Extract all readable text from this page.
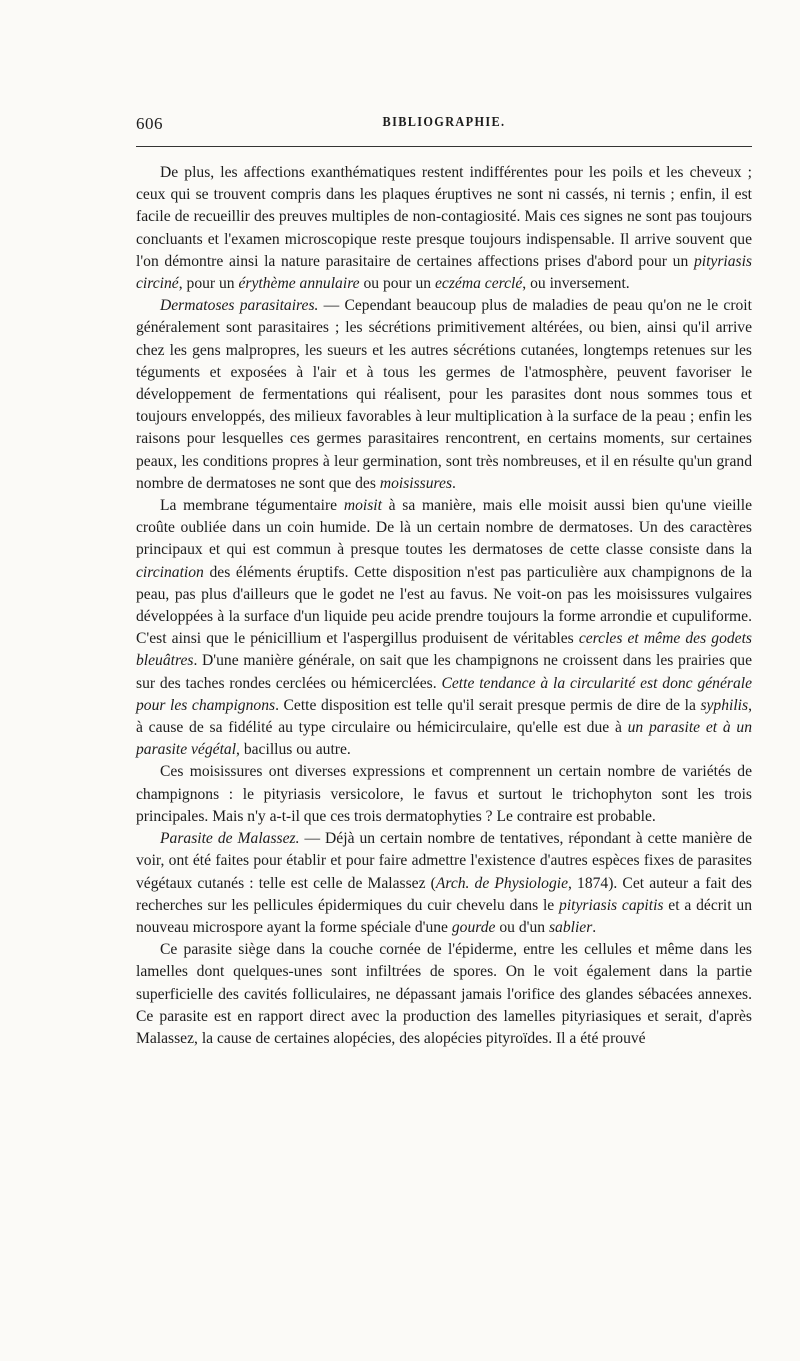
606	BIBLIOGRAPHIE.

De plus, les affections exanthématiques restent indifférentes pour les poils et les cheveux ; ceux qui se trouvent compris dans les plaques éruptives ne sont ni cassés, ni ternis ; enfin, il est facile de recueillir des preuves multiples de non-contagiosité. Mais ces signes ne sont pas toujours concluants et l'examen microscopique reste presque toujours indispensable. Il arrive souvent que l'on démontre ainsi la nature parasitaire de certaines affections prises d'abord pour un pityriasis circiné, pour un érythème annulaire ou pour un eczéma cerclé, ou inversement.

Dermatoses parasitaires. — Cependant beaucoup plus de maladies de peau qu'on ne le croit généralement sont parasitaires ; les sécrétions primitivement altérées, ou bien, ainsi qu'il arrive chez les gens malpropres, les sueurs et les autres sécrétions cutanées, longtemps retenues sur les téguments et exposées à l'air et à tous les germes de l'atmosphère, peuvent favoriser le développement de fermentations qui réalisent, pour les parasites dont nous sommes tous et toujours enveloppés, des milieux favorables à leur multiplication à la surface de la peau ; enfin les raisons pour lesquelles ces germes parasitaires rencontrent, en certains moments, sur certaines peaux, les conditions propres à leur germination, sont très nombreuses, et il en résulte qu'un grand nombre de dermatoses ne sont que des moisissures.

La membrane tégumentaire moisit à sa manière, mais elle moisit aussi bien qu'une vieille croûte oubliée dans un coin humide. De là un certain nombre de dermatoses. Un des caractères principaux et qui est commun à presque toutes les dermatoses de cette classe consiste dans la circination des éléments éruptifs. Cette disposition n'est pas particulière aux champignons de la peau, pas plus d'ailleurs que le godet ne l'est au favus. Ne voit-on pas les moisissures vulgaires développées à la surface d'un liquide peu acide prendre toujours la forme arrondie et cupuliforme. C'est ainsi que le pénicillium et l'aspergillus produisent de véritables cercles et même des godets bleuâtres. D'une manière générale, on sait que les champignons ne croissent dans les prairies que sur des taches rondes cerclées ou hémicerclées. Cette tendance à la circularité est donc générale pour les champignons. Cette disposition est telle qu'il serait presque permis de dire de la syphilis, à cause de sa fidélité au type circulaire ou hémicirculaire, qu'elle est due à un parasite et à un parasite végétal, bacillus ou autre.

Ces moisissures ont diverses expressions et comprennent un certain nombre de variétés de champignons : le pityriasis versicolore, le favus et surtout le trichophyton sont les trois principales. Mais n'y a-t-il que ces trois dermatophyties ? Le contraire est probable.

Parasite de Malassez. — Déjà un certain nombre de tentatives, répondant à cette manière de voir, ont été faites pour établir et pour faire admettre l'existence d'autres espèces fixes de parasites végétaux cutanés : telle est celle de Malassez (Arch. de Physiologie, 1874). Cet auteur a fait des recherches sur les pellicules épidermiques du cuir chevelu dans le pityriasis capitis et a décrit un nouveau microspore ayant la forme spéciale d'une gourde ou d'un sablier.

Ce parasite siège dans la couche cornée de l'épiderme, entre les cellules et même dans les lamelles dont quelques-unes sont infiltrées de spores. On le voit également dans la partie superficielle des cavités folliculaires, ne dépassant jamais l'orifice des glandes sébacées annexes. Ce parasite est en rapport direct avec la production des lamelles pityriasiques et serait, d'après Malassez, la cause de certaines alopécies, des alopécies pityroïdes. Il a été prouvé
